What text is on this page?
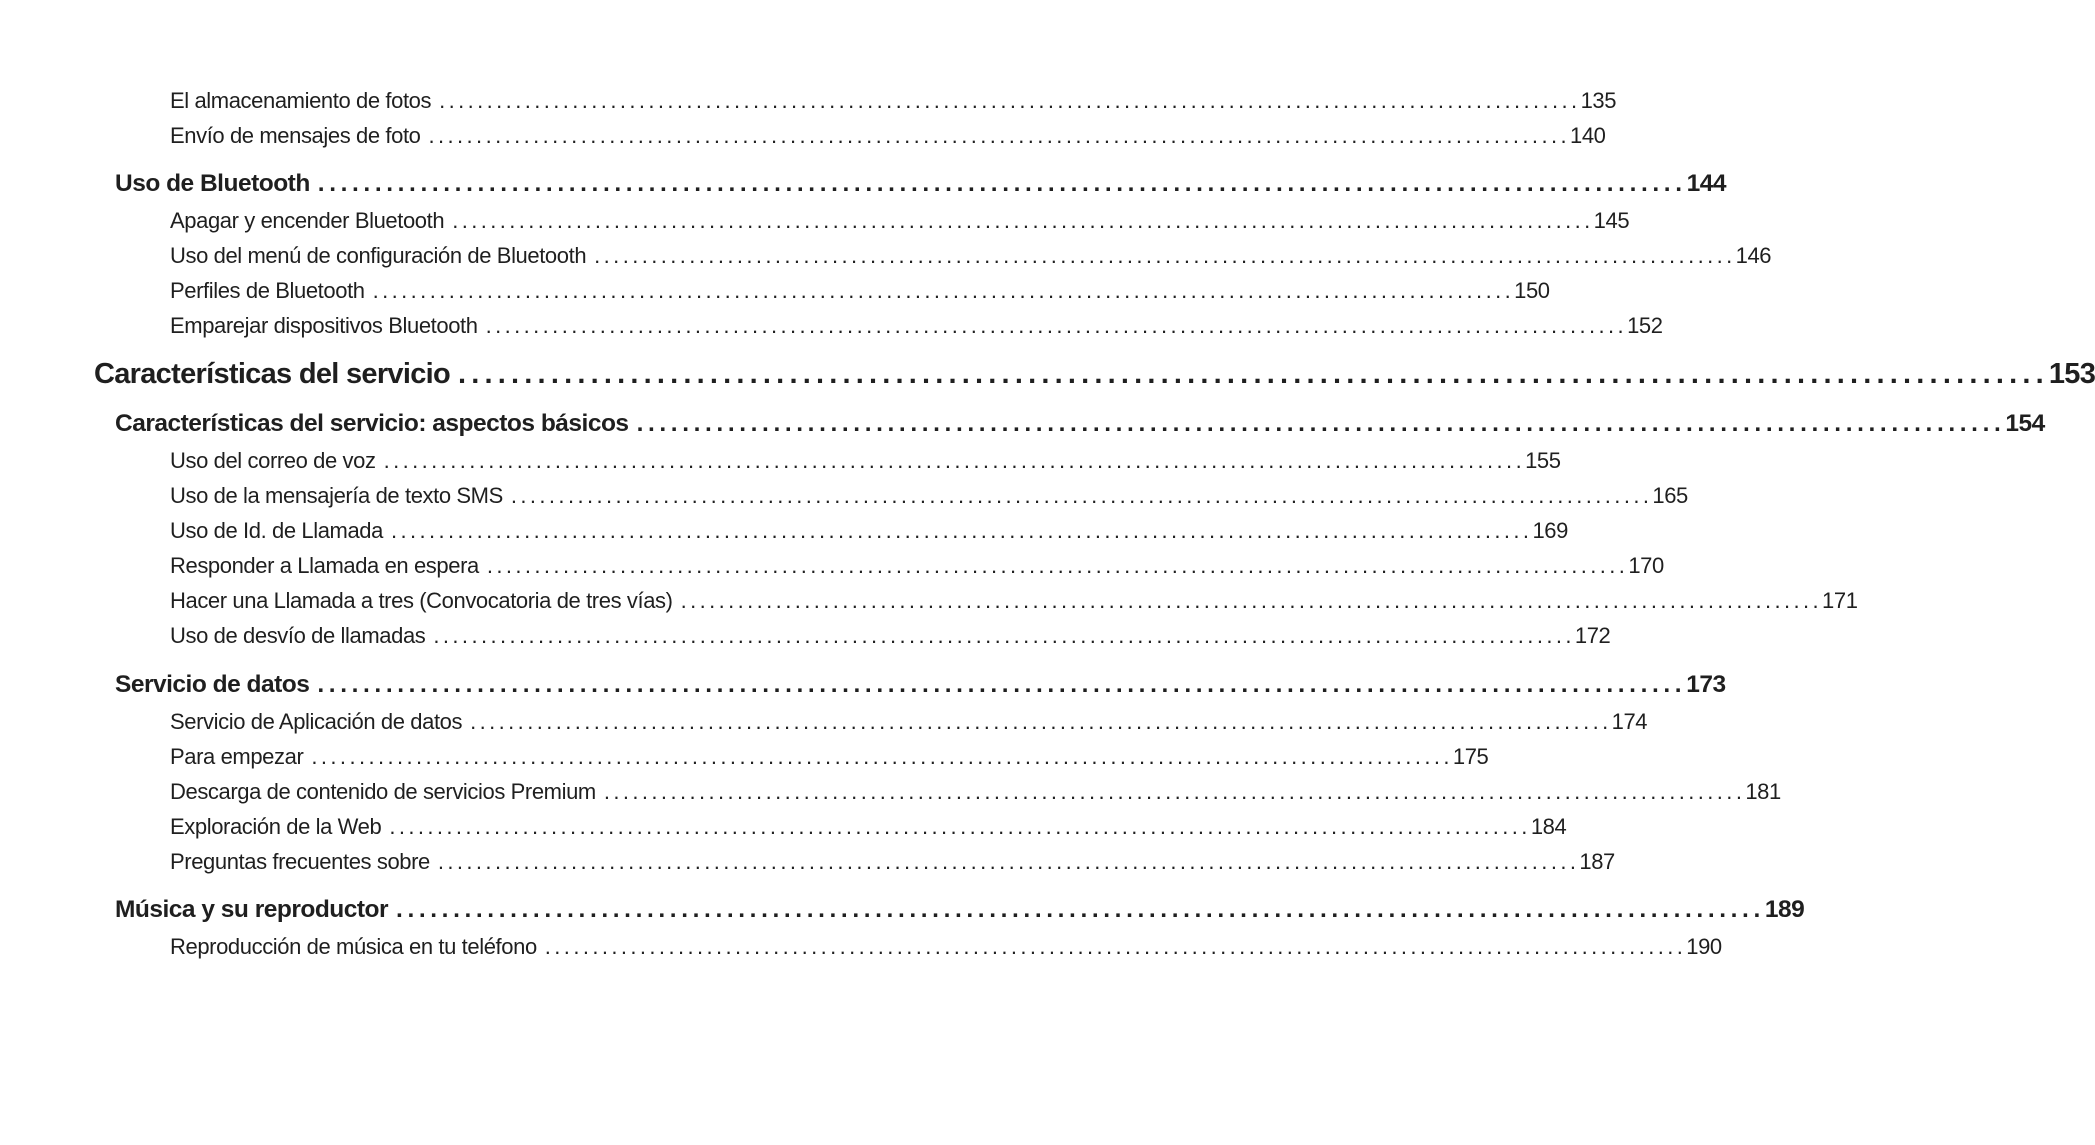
El almacenamiento de fotos ........................................................................................................................ 135
Envío de mensajes de foto ........................................................................................................................ 140
Uso de Bluetooth ........................................................................................................................ 144
Apagar y encender Bluetooth ........................................................................................................................ 145
Uso del menú de configuración de Bluetooth ........................................................................................................................ 146
Perfiles de Bluetooth ........................................................................................................................ 150
Emparejar dispositivos Bluetooth ........................................................................................................................ 152
Características del servicio ........................................................................................................................ 153
Características del servicio: aspectos básicos ........................................................................................................................ 154
Uso del correo de voz ........................................................................................................................ 155
Uso de la mensajería de texto SMS ........................................................................................................................ 165
Uso de Id. de Llamada ........................................................................................................................ 169
Responder a Llamada en espera ........................................................................................................................ 170
Hacer una Llamada a tres (Convocatoria de tres vías) ........................................................................................................................ 171
Uso de desvío de llamadas ........................................................................................................................ 172
Servicio de datos ........................................................................................................................ 173
Servicio de Aplicación de datos ........................................................................................................................ 174
Para empezar ........................................................................................................................ 175
Descarga de contenido de servicios Premium ........................................................................................................................ 181
Exploración de la Web ........................................................................................................................ 184
Preguntas frecuentes sobre ........................................................................................................................ 187
Música y su reproductor ........................................................................................................................ 189
Reproducción de música en tu teléfono ........................................................................................................................ 190
